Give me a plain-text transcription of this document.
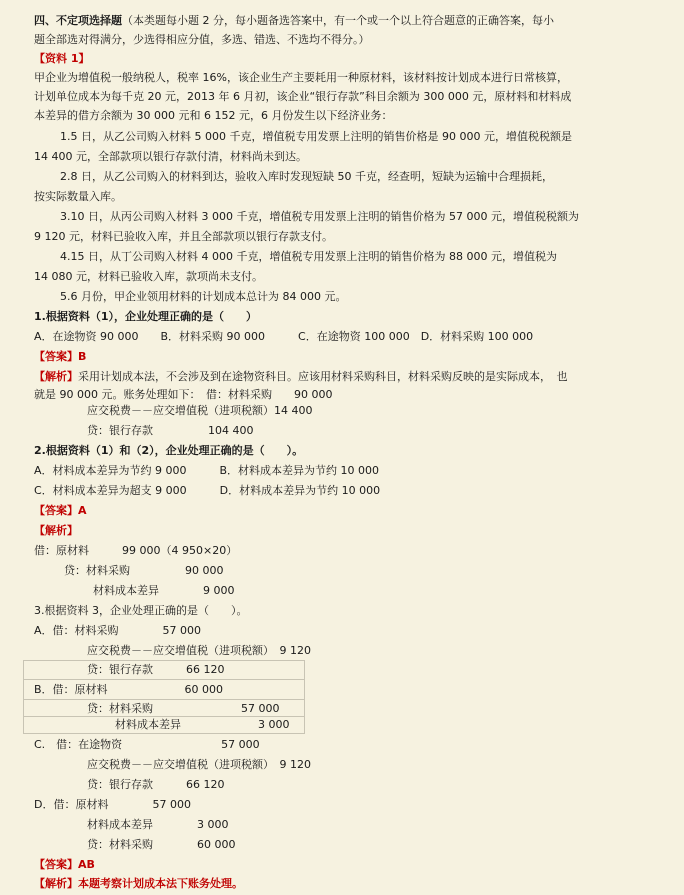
四、不定项选择题（本类题每小题 2 分，每小题备选答案中，有一个或一个以上符合题意的正确答案，每小
题全部选对得满分，少选得相应分值，多选、错选、不选均不得分。）
【资料 1】
甲企业为增值税一般纳税人，税率 16%，该企业生产主要耗用一种原材料，该材料按计划成本进行日常核算，
计划单位成本为每千克 20 元，2013 年 6 月初，该企业“银行存款”科目余额为 300 000 元，原材料和材料成
本差异的借方余额为 30 000 元和 6 152 元，6 月份发生以下经济业务：
1.5 日，从乙公司购入材料 5 000 千克，增值税专用发票上注明的销售价格是 90 000 元，增值税税额是
14 400 元，全部款项以银行存款付清，材料尚未到达。
2.8 日，从乙公司购入的材料到达，验收入库时发现短缺 50 千克，经查明，短缺为运输中合理损耗，
按实际数量入库。
3.10 日，从丙公司购入材料 3 000 千克，增值税专用发票上注明的销售价格为 57 000 元，增值税税额为
9 120 元，材料已验收入库，并且全部款项以银行存款支付。
4.15 日，从丁公司购入材料 4 000 千克，增值税专用发票上注明的销售价格为 88 000 元，增值税为
14 080 元，材料已验收入库，款项尚未支付。
5.6 月份，甲企业领用材料的计划成本总计为 84 000 元。
1.根据资料（1），企业处理正确的是（　　）
A．在途物资 90 000　　B．材料采购 90 000　　　C．在途物资 100 000　D．材料采购 100 000
【答案】B
【解析】采用计划成本法，不会涉及到在途物资科目。应该用材料采购科目，材料采购反映的是实际成本，　也
就是 90 000 元。账务处理如下：　借：材料采购　　90 000
应交税费－－应交增值税（进项税额）14 400
贷：银行存款　　　　　104 400
2.根据资料（1）和（2），企业处理正确的是（　　）。
A．材料成本差异为节约 9 000　　　B．材料成本差异为节约 10 000
C．材料成本差异为超支 9 000　　　D．材料成本差异为节约 10 000
【答案】A
【解析】
借：原材料　　　99 000（4 950×20）
贷：材料采购　　　　　90 000
材料成本差异　　　　9 000
3.根据资料 3，企业处理正确的是（　　）。
A．借：材料采购　　　　57 000
应交税费－－应交增值税（进项税额）　9 120
贷：银行存款　　　66 120
B．借：原材料　　　　　　　60 000
贷：材料采购　　　　　　　　57 000
材料成本差异　　　　　　　3 000
C.　借：在途物资　　　　　　　　　57 000
应交税费－－应交增值税（进项税额）　9 120
贷：银行存款　　　66 120
D．借：原材料　　　　57 000
材料成本差异　　　　3 000
贷：材料采购　　　　60 000
【答案】AB
【解析】本题考察计划成本法下账务处理。
